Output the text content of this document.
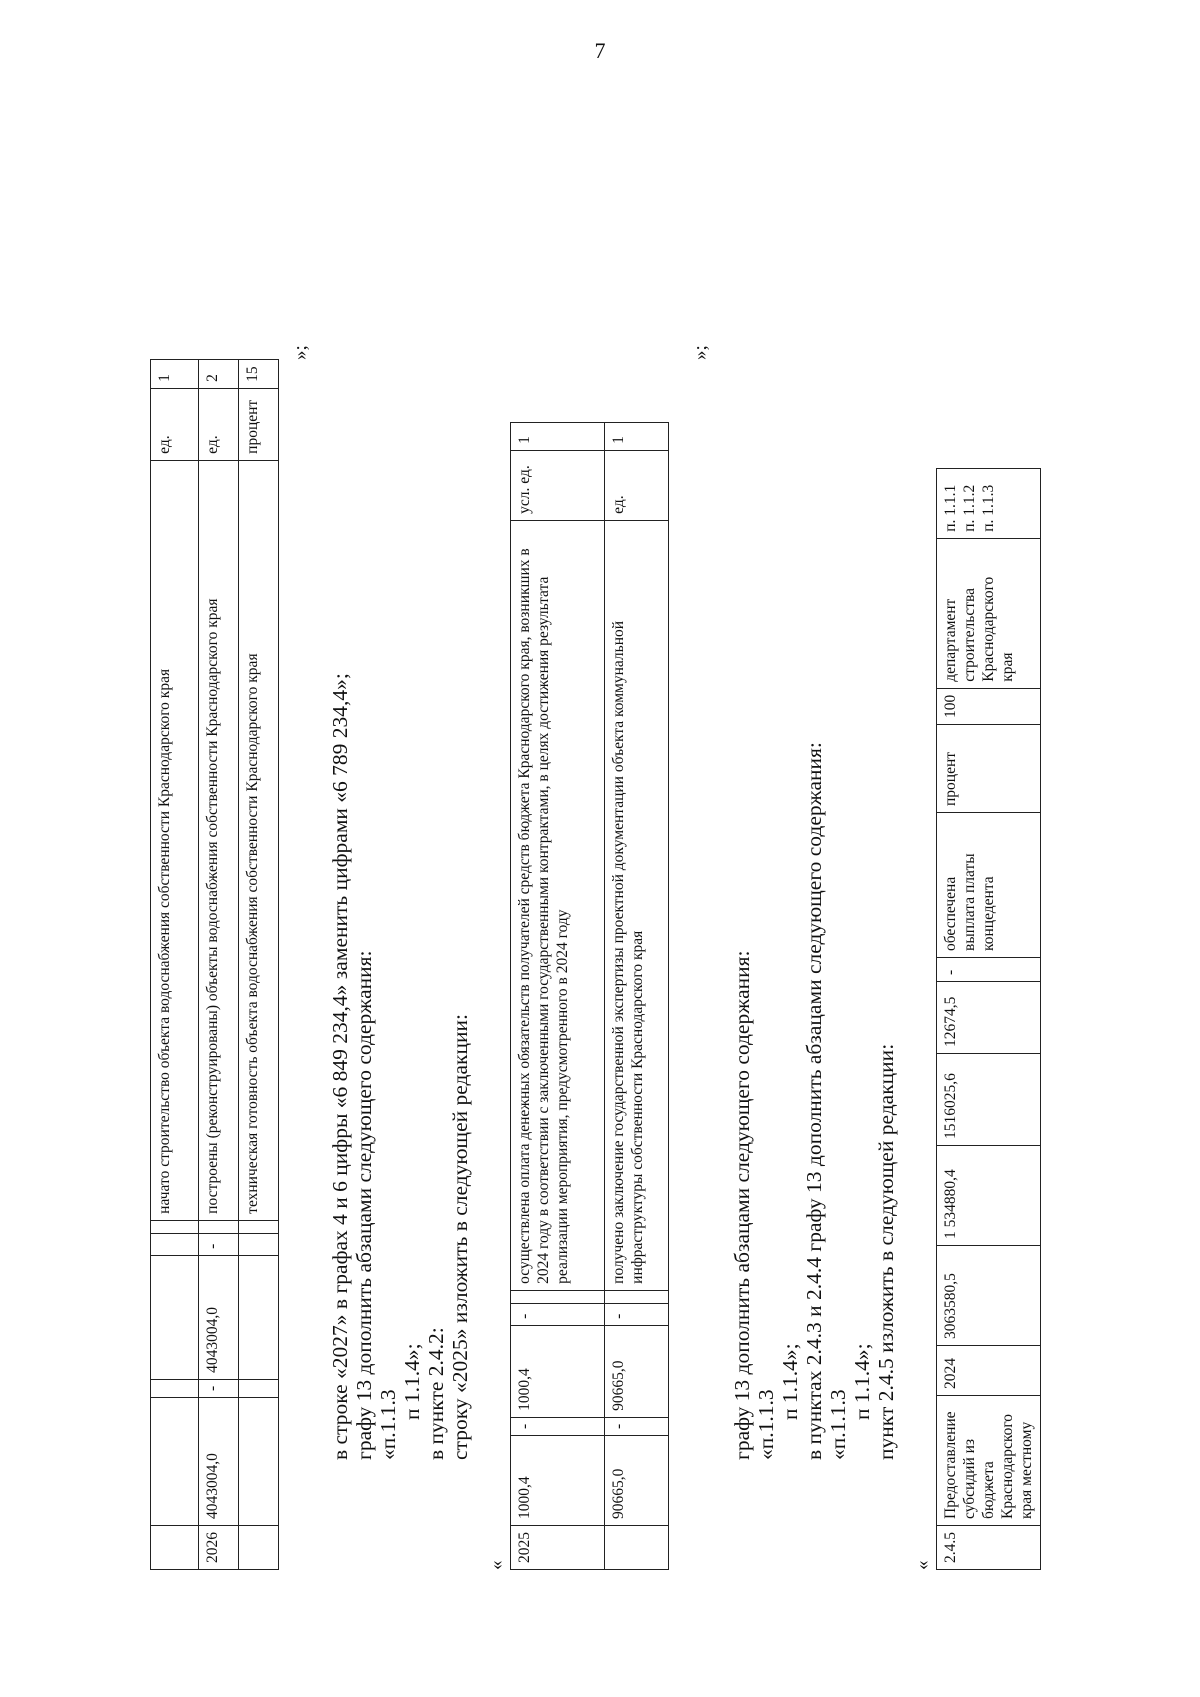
7
						начато строительство объекта водоснабжения собственности Краснодарского края	ед.	1
2026	4043004,0	-	4043004,0	-		построены (реконструированы) объекты водоснабжения собственности Краснодарского края	ед.	2
						техническая готовность объекта водоснабжения собственности Краснодарского края	процент	15
»;
в строке «2027» в графах 4 и 6 цифры «6 849 234,4» заменить цифрами «6 789 234,4»; графу 13 дополнить абзацами следующего содержания: «п.1.1.3
п 1.1.4»; в пункте 2.4.2: строку «2025» изложить в следующей редакции:
«
2025	1000,4	-	1000,4	-		осуществлена оплата денежных обязательств получателей средств бюджета Краснодарского края, возникших в 2024 году в соответствии с заключенными государственными контрактами, в целях достижения результата реализации мероприятия, предусмотренного в 2024 году	усл. ед.	1
	90665,0	-	90665,0	-		получено заключение государственной экспертизы проектной документации объекта коммунальной инфраструктуры собственности Краснодарского края	ед.	1
»;
графу 13 дополнить абзацами следующего содержания: «п.1.1.3
п 1.1.4»; в пунктах 2.4.3 и 2.4.4 графу 13 дополнить абзацами следующего содержания: «п.1.1.3
п 1.1.4»; пункт 2.4.5 изложить в следующей редакции:
«
2.4.5	Предоставление субсидий из бюджета Краснодарского края местному	2024	3063580,5	1 534880,4	1516025,6	12674,5	-	обеспечена выплата платы концедента	процент	100	департамент строительства Краснодарского края	п. 1.1.1 п. 1.1.2 п. 1.1.3
